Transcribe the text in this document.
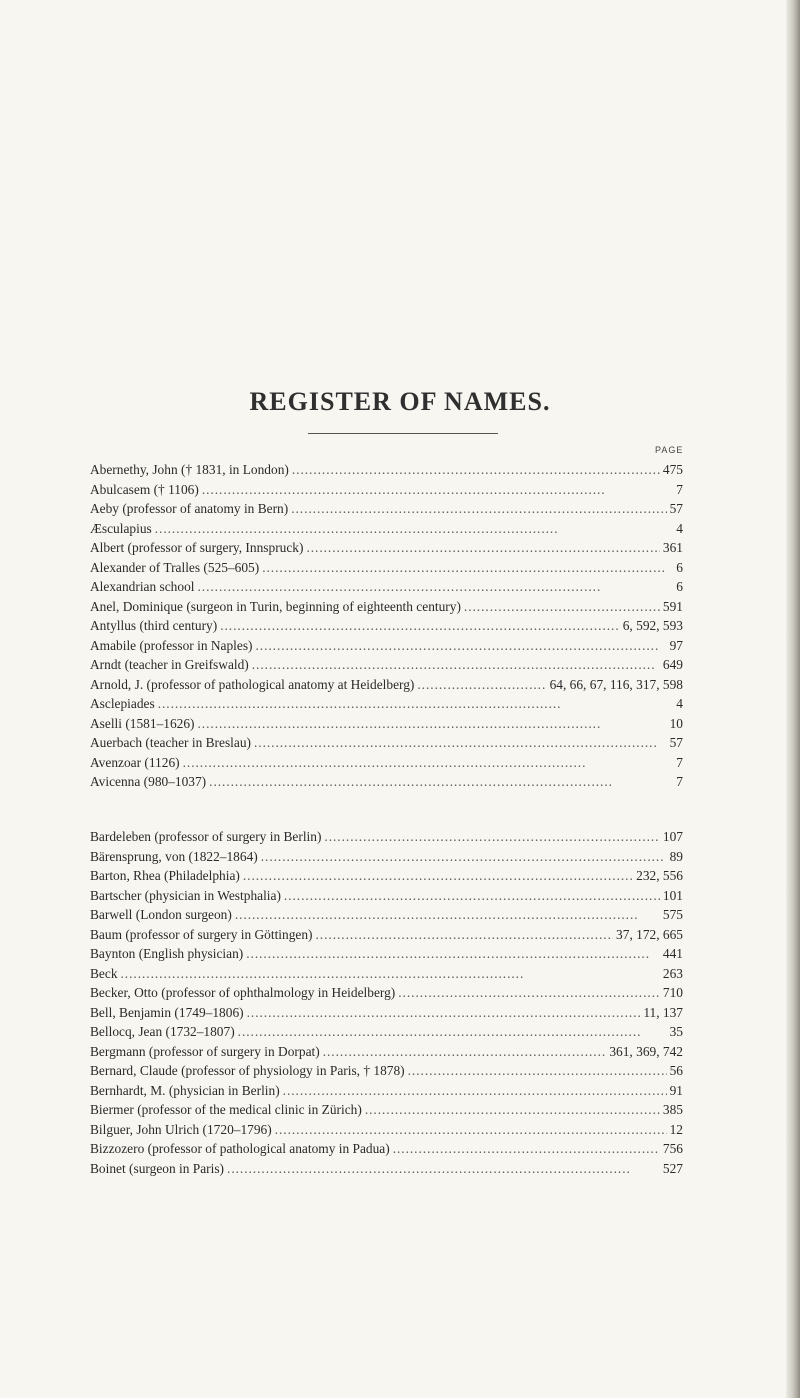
REGISTER OF NAMES.
PAGE
Abernethy, John († 1831, in London) . . .	475
Abulcasem († 1106) . . .	7
Aeby (professor of anatomy in Bern) . . .	57
Æsculapius . . .	4
Albert (professor of surgery, Innspruck) . . .	361
Alexander of Tralles (525–605) . . .	6
Alexandrian school . . .	6
Anel, Dominique (surgeon in Turin, beginning of eighteenth century) . . .	591
Antyllus (third century) . . .	6, 592, 593
Amabile (professor in Naples) . . .	97
Arndt (teacher in Greifswald) . . .	649
Arnold, J. (professor of pathological anatomy at Heidelberg) . . .	64, 66, 67, 116, 317, 598
Asclepiades . . .	4
Aselli (1581–1626) . . .	10
Auerbach (teacher in Breslau) . . .	57
Avenzoar (1126) . . .	7
Avicenna (980–1037) . . .	7
Bardeleben (professor of surgery in Berlin) . . .	107
Bärensprung, von (1822–1864) . . .	89
Barton, Rhea (Philadelphia) . . .	232, 556
Bartscher (physician in Westphalia) . . .	101
Barwell (London surgeon) . . .	575
Baum (professor of surgery in Göttingen) . . .	37, 172, 665
Baynton (English physician) . . .	441
Beck . . .	263
Becker, Otto (professor of ophthalmology in Heidelberg) . . .	710
Bell, Benjamin (1749–1806) . . .	11, 137
Bellocq, Jean (1732–1807) . . .	35
Bergmann (professor of surgery in Dorpat) . . .	361, 369, 742
Bernard, Claude (professor of physiology in Paris, † 1878) . . .	56
Bernhardt, M. (physician in Berlin) . . .	91
Biermer (professor of the medical clinic in Zürich) . . .	385
Bilguer, John Ulrich (1720–1796) . . .	12
Bizzozero (professor of pathological anatomy in Padua) . . .	756
Boinet (surgeon in Paris) . . .	527
